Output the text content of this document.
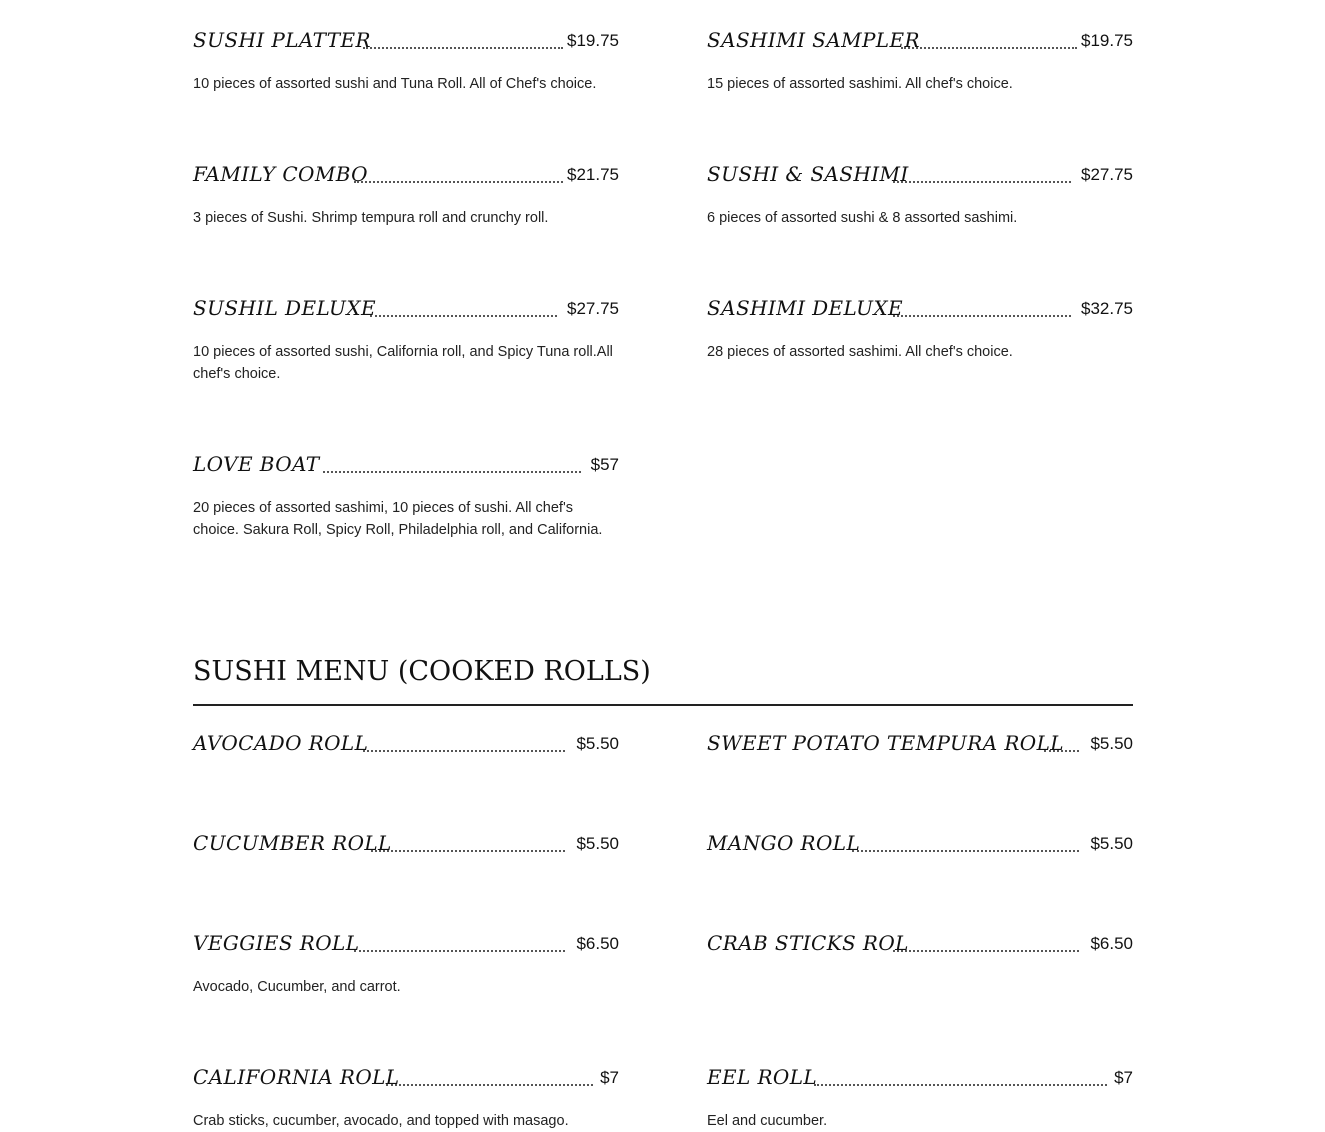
SUSHI PLATTER	$19.75

10 pieces of assorted sushi and Tuna Roll. All of Chef's choice.

SASHIMI SAMPLER	$19.75

15 pieces of assorted sashimi. All chef's choice.

FAMILY COMBO	$21.75

3 pieces of Sushi. Shrimp tempura roll and crunchy roll.

SUSHI & SASHIMI	$27.75

6 pieces of assorted sushi & 8 assorted sashimi.

SUSHIL DELUXE	$27.75

10 pieces of assorted sushi, California roll, and Spicy Tuna roll.All chef's choice.

SASHIMI DELUXE	$32.75

28 pieces of assorted sashimi. All chef's choice.

LOVE BOAT	$57

20 pieces of assorted sashimi, 10 pieces of sushi. All chef's choice. Sakura Roll, Spicy Roll, Philadelphia roll, and California.

SUSHI MENU (COOKED ROLLS)
AVOCADO ROLL	$5.50	SWEET POTATO TEMPURA ROLL $5.50
CUCUMBER ROLL	$5.50	MANGO ROLL	$5.50
VEGGIES ROLL	$6.50

Avocado, Cucumber, and carrot.

CRAB STICKS ROL	$6.50
CALIFORNIA ROLL	$7

Crab sticks, cucumber, avocado, and topped with masago.

EEL ROLL	$7

Eel and cucumber.
